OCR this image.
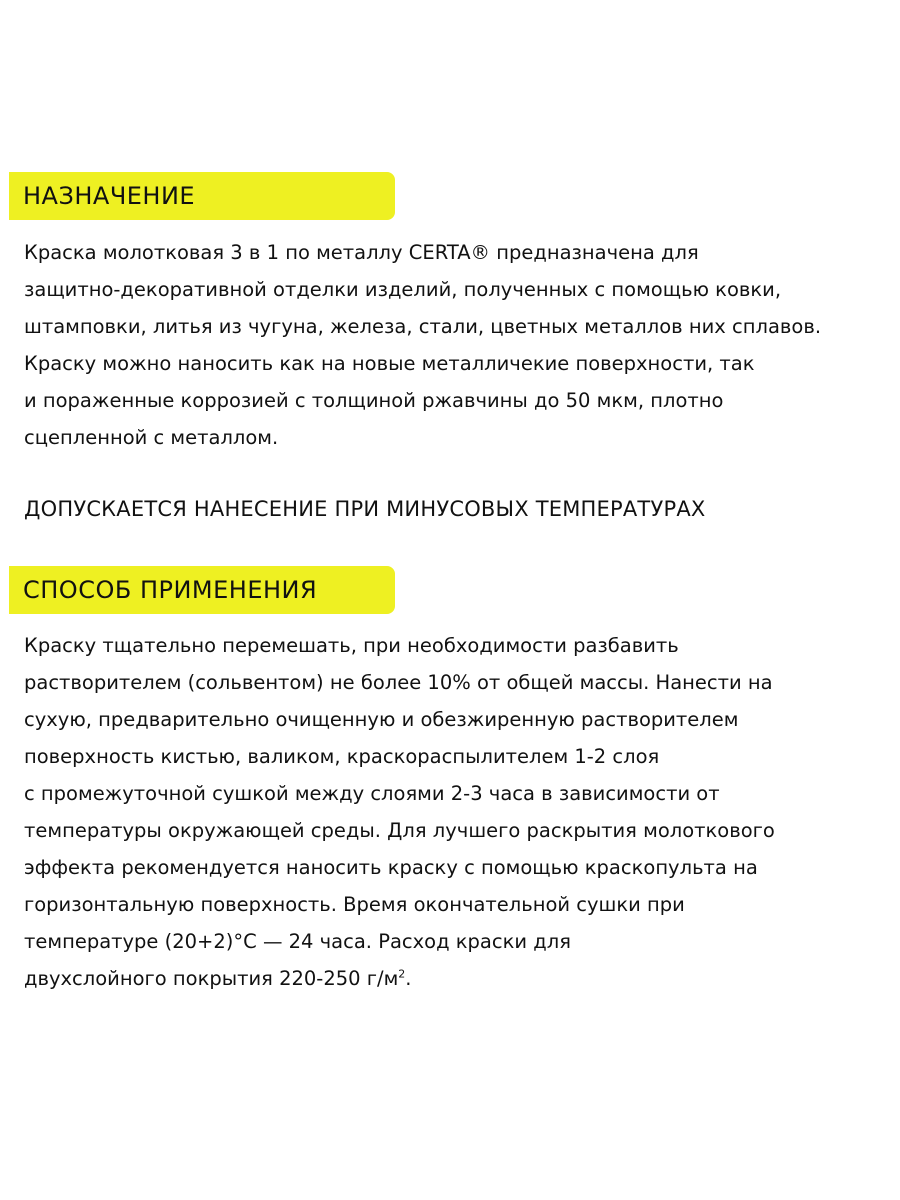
НАЗНАЧЕНИЕ
Краска молотковая 3 в 1 по металлу CERTA® предназначена для
защитно-декоративной отделки изделий, полученных с помощью ковки,
штамповки, литья из чугуна, железа, стали, цветных металлов них сплавов.
Краску можно наносить как на новые металличекие поверхности, так
и пораженные коррозией с толщиной ржавчины до 50 мкм, плотно
сцепленной с металлом.
ДОПУСКАЕТСЯ НАНЕСЕНИЕ ПРИ МИНУСОВЫХ ТЕМПЕРАТУРАХ
СПОСОБ ПРИМЕНЕНИЯ
Краску тщательно перемешать, при необходимости разбавить
растворителем (сольвентом) не более 10% от общей массы. Нанести на
сухую, предварительно очищенную и обезжиренную растворителем
поверхность кистью, валиком, краскораспылителем 1-2 слоя
с промежуточной сушкой между слоями 2-3 часа в зависимости от
температуры окружающей среды. Для лучшего раскрытия молоткового
эффекта рекомендуется наносить краску с помощью краскопульта на
горизонтальную поверхность. Время окончательной сушки при
температуре (20+2)°С — 24 часа. Расход краски для
двухслойного покрытия 220-250 $г/м^2$.
